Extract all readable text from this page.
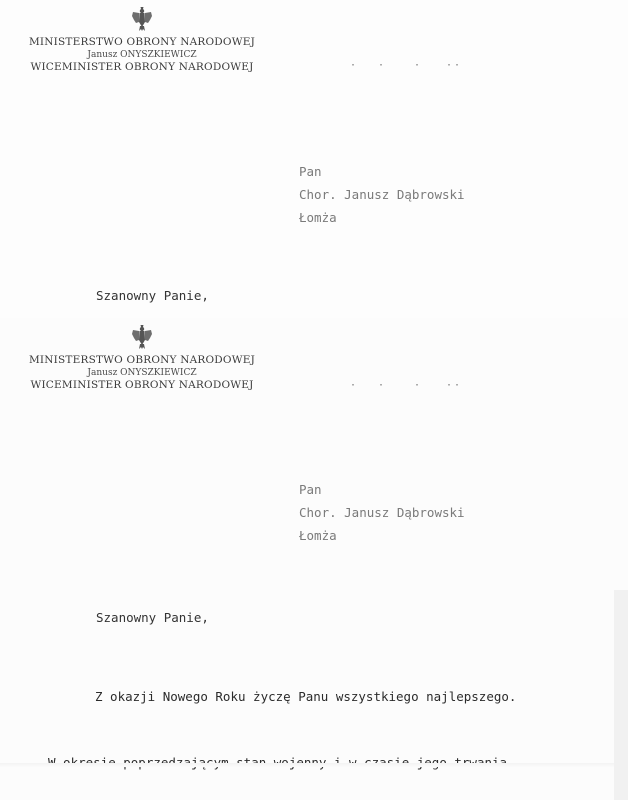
MINISTERSTWO OBRONY NARODOWEJ
Janusz ONYSZKIEWICZ
WICEMINISTER OBRONY NARODOWEJ	· ·	·	· ·
Pan
Chor. Janusz Dąbrowski
Łomża
Szanowny Panie,
MINISTERSTWO OBRONY NARODOWEJ
Janusz ONYSZKIEWICZ
WICEMINISTER OBRONY NARODOWEJ	· ·	·	· ·
Pan
Chor. Janusz Dąbrowski
Łomża
Szanowny Panie,

Z okazji Nowego Roku życzę Panu wszystkiego najlepszego.
